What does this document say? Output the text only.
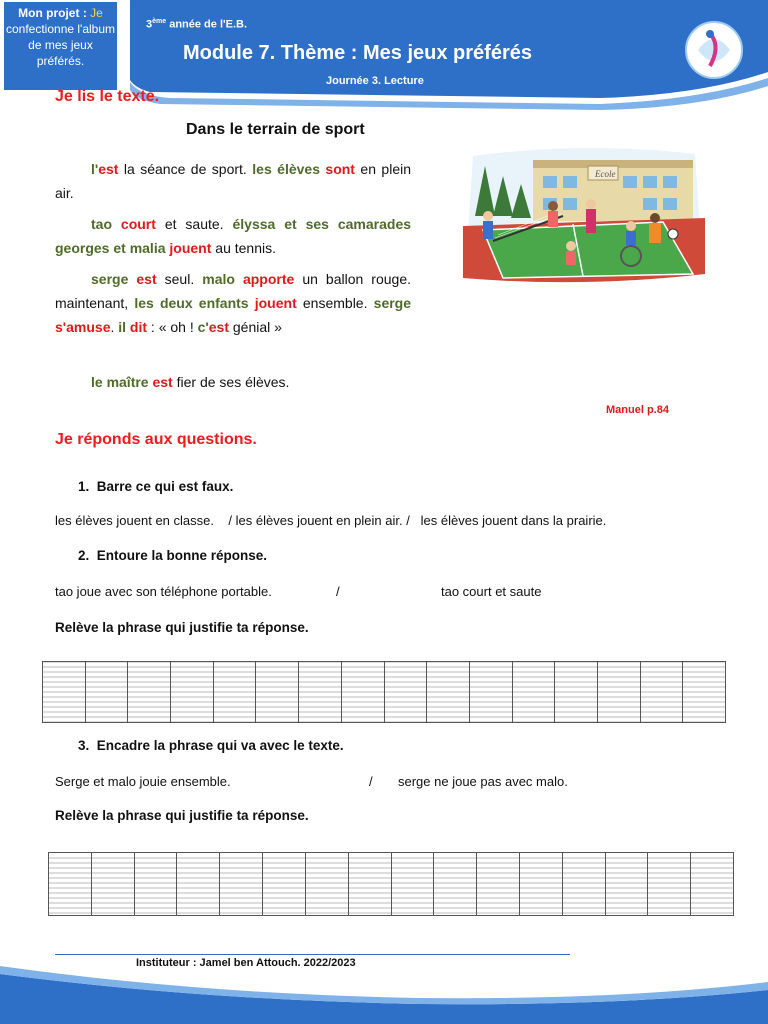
Mon projet : Je confectionne l'album de mes jeux préférés.
3ème année de l'E.B.
Module 7. Thème : Mes jeux préférés
Journée 3. Lecture
Je lis le texte.
Dans le terrain de sport

l'est la séance de sport. les élèves sont en plein air.

tao court et saute. élyssa et ses camarades georges et malia jouent au tennis.

serge est seul. malo apporte un ballon rouge. maintenant, les deux enfants jouent ensemble. serge s'amuse. il dit : « oh ! c'est génial »

le maître est fier de ses élèves.

Ecole
Manuel p.84
Je réponds aux questions.
1. Barre ce qui est faux.
les élèves jouent en classe.    / les élèves jouent en plein air. /   les élèves jouent dans la prairie.
2. Entoure la bonne réponse.
tao joue avec son téléphone portable.	/	tao court et saute
Relève la phrase qui justifie ta réponse.

3. Encadre la phrase qui va avec le texte.
Serge et malo jouie ensemble.	/ serge ne joue pas avec malo.
Relève la phrase qui justifie ta réponse.

Instituteur : Jamel ben Attouch. 2022/2023
